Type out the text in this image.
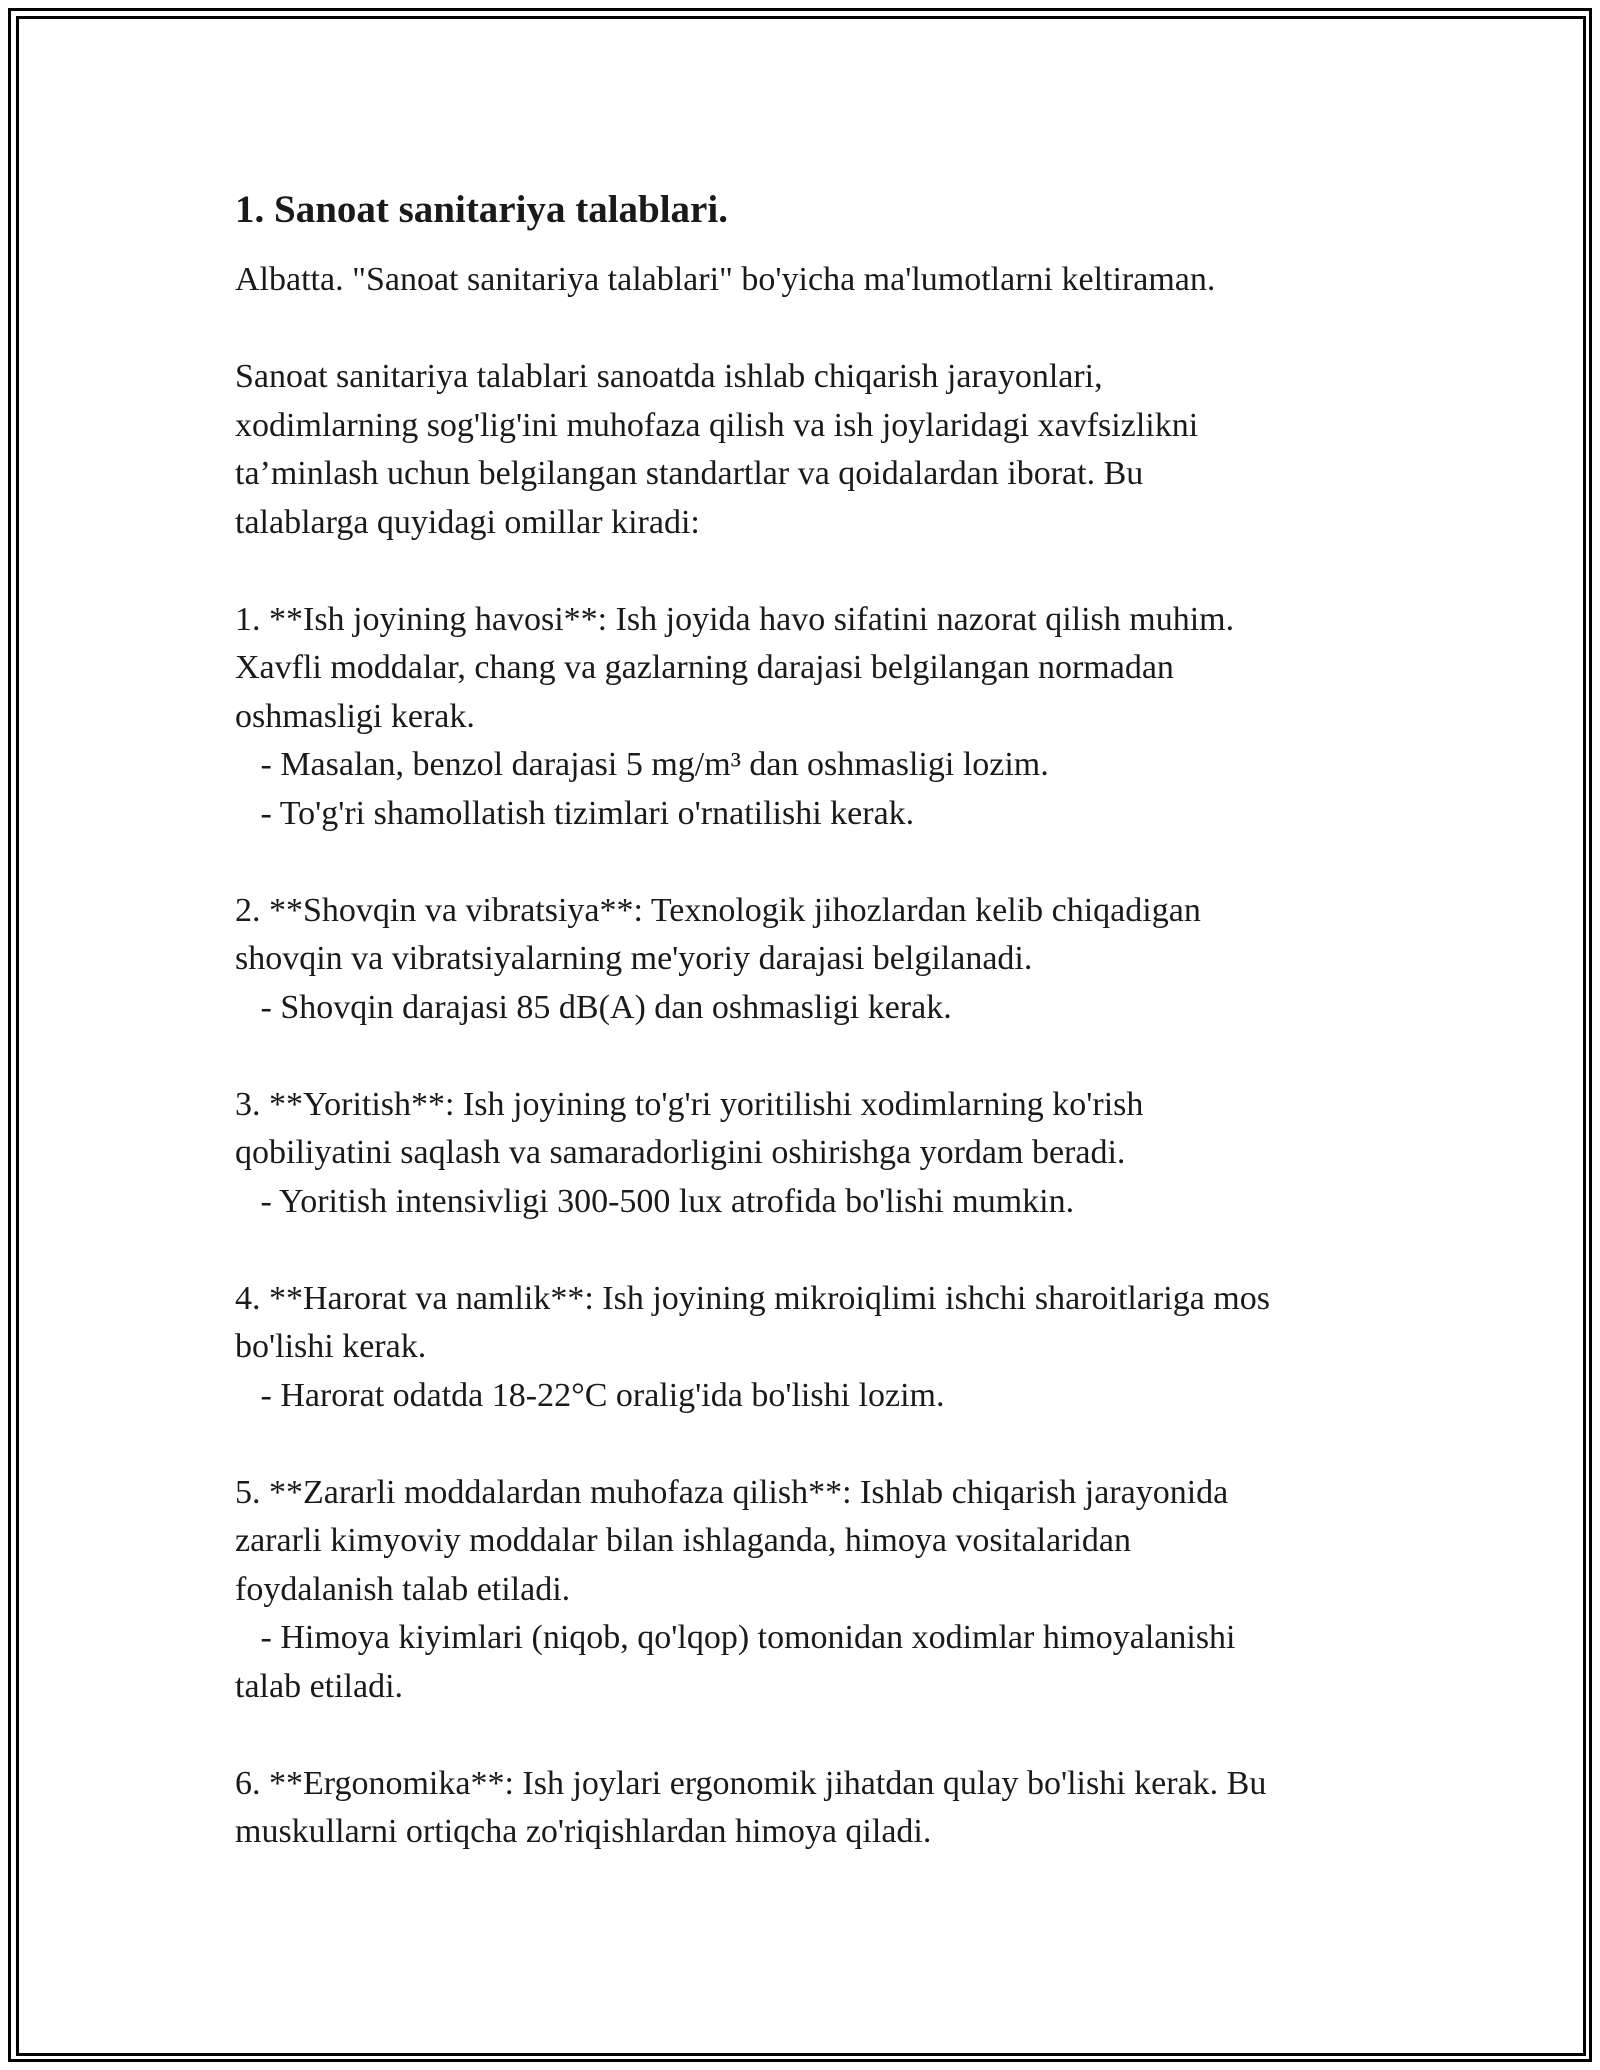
1. Sanoat sanitariya talablari.

Albatta. "Sanoat sanitariya talablari" bo'yicha ma'lumotlarni keltiraman.

Sanoat sanitariya talablari sanoatda ishlab chiqarish jarayonlari,

xodimlarning sog'lig'ini muhofaza qilish va ish joylaridagi xavfsizlikni

ta’minlash uchun belgilangan standartlar va qoidalardan iborat. Bu

talablarga quyidagi omillar kiradi:

1. **Ish joyining havosi**: Ish joyida havo sifatini nazorat qilish muhim.

Xavfli moddalar, chang va gazlarning darajasi belgilangan normadan

oshmasligi kerak.

- Masalan, benzol darajasi 5 mg/m³ dan oshmasligi lozim.

- To'g'ri shamollatish tizimlari o'rnatilishi kerak.

2. **Shovqin va vibratsiya**: Texnologik jihozlardan kelib chiqadigan

shovqin va vibratsiyalarning me'yoriy darajasi belgilanadi.

- Shovqin darajasi 85 dB(A) dan oshmasligi kerak.

3. **Yoritish**: Ish joyining to'g'ri yoritilishi xodimlarning ko'rish

qobiliyatini saqlash va samaradorligini oshirishga yordam beradi.

- Yoritish intensivligi 300-500 lux atrofida bo'lishi mumkin.

4. **Harorat va namlik**: Ish joyining mikroiqlimi ishchi sharoitlariga mos

bo'lishi kerak.

- Harorat odatda 18-22°C oralig'ida bo'lishi lozim.

5. **Zararli moddalardan muhofaza qilish**: Ishlab chiqarish jarayonida

zararli kimyoviy moddalar bilan ishlaganda, himoya vositalaridan

foydalanish talab etiladi.

- Himoya kiyimlari (niqob, qo'lqop) tomonidan xodimlar himoyalanishi

talab etiladi.

6. **Ergonomika**: Ish joylari ergonomik jihatdan qulay bo'lishi kerak. Bu

muskullarni ortiqcha zo'riqishlardan himoya qiladi.
